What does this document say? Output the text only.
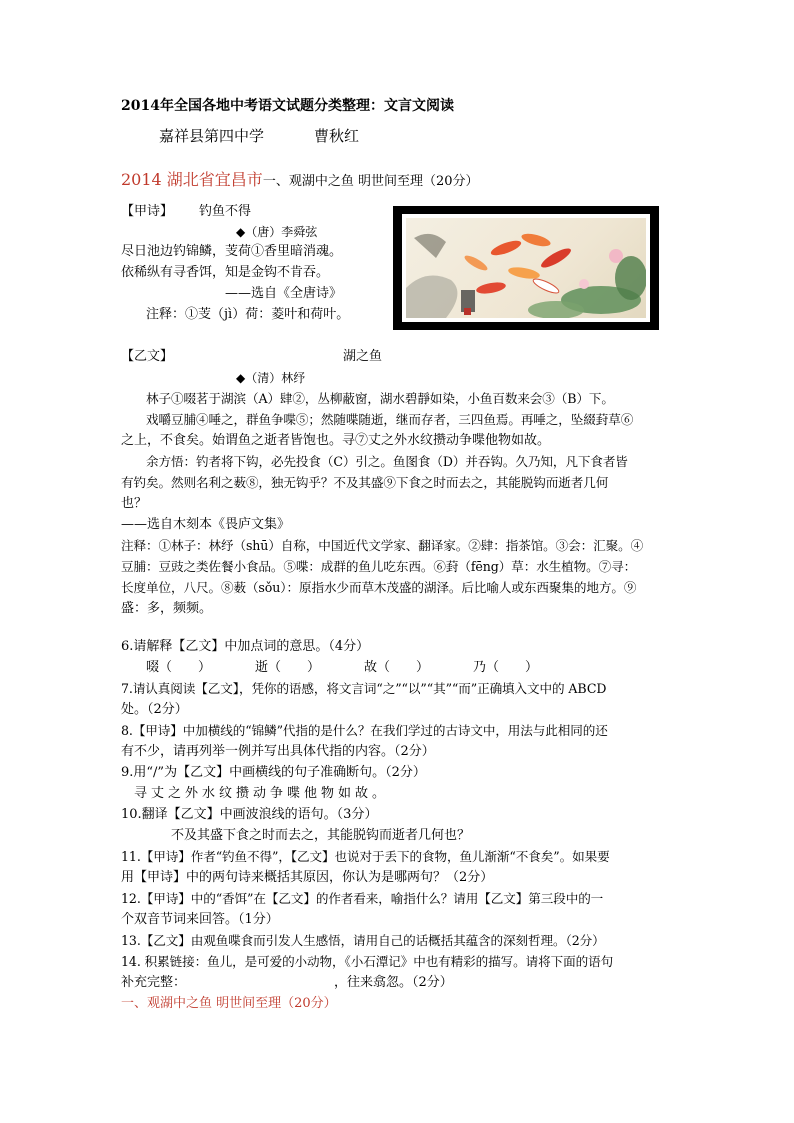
2014年全国各地中考语文试题分类整理：文言文阅读
嘉祥县第四中学	曹秋红
2014 湖北省宜昌市一、观湖中之鱼 明世间至理（20分）
【甲诗】 钓鱼不得
◆（唐）李舜弦
尽日池边钓锦鳞，芰荷①香里暗消魂。
依稀纵有寻香饵，知是金钩不肯吞。
——选自《全唐诗》
注释：①芰（jì）荷：菱叶和荷叶。
【乙文】	湖之鱼
◆（清）林纾
林子①啜茗于湖滨（A）肆②，丛柳蔽窗，湖水碧靜如染，小鱼百数来会③（B）下。
戏嚼豆脯④唾之，群鱼争喋⑤；然随喋随逝，继而存者，三四鱼焉。再唾之，坠綴葑草⑥
之上，不食矣。始谓鱼之逝者皆饱也。寻⑦丈之外水纹攒动争喋他物如故。
余方悟：钓者将下钩，必先投食（C）引之。鱼图食（D）并吞钩。久乃知，凡下食者皆
有钓矣。然则名利之薮⑧，独无钩乎？不及其盛⑨下食之时而去之，其能脱钩而逝者几何
也？
——选自木刻本《畏庐文集》
注释：①林子：林纾（shū）自称，中国近代文学家、翻译家。②肆：指茶馆。③会：汇聚。④
豆脯：豆豉之类佐餐小食品。⑤喋：成群的鱼儿吃东西。⑥葑（fēng）草：水生植物。⑦寻：
长度单位，八尺。⑧薮（sǒu）：原指水少而草木茂盛的湖泽。后比喻人或东西聚集的地方。⑨
盛：多，频频。
6.请解释【乙文】中加点词的意思。（4分）
啜（　　）	逝（　　）	故（　　）	乃（　　）
7.请认真阅读【乙文】，凭你的语感，将文言词“之”“以”“其”“而”正确填入文中的 ABCD
处。（2分）
8.【甲诗】中加横线的“锦鳞”代指的是什么？在我们学过的古诗文中，用法与此相同的还
有不少，请再列举一例并写出具体代指的内容。（2分）
9.用“/”为【乙文】中画横线的句子准确断句。（2分）
寻丈之外水纹攒动争喋他物如故。
10.翻译【乙文】中画波浪线的语句。（3分）
不及其盛下食之时而去之，其能脱钩而逝者几何也？
11.【甲诗】作者“钓鱼不得”，【乙文】也说对于丢下的食物，鱼儿渐渐“不食矣”。如果要
用【甲诗】中的两句诗来概括其原因，你认为是哪两句？（2分）
12.【甲诗】中的“香饵”在【乙文】的作者看来，喻指什么？请用【乙文】第三段中的一
个双音节词来回答。（1分）
13.【乙文】由观鱼喋食而引发人生感悟，请用自己的话概括其蕴含的深刻哲理。（2分）
14. 积累链接：鱼儿，是可爱的小动物，《小石潭记》中也有精彩的描写。请将下面的语句
补充完整：	，往来翕忽。（2分）
一、观湖中之鱼 明世间至理（20分）
